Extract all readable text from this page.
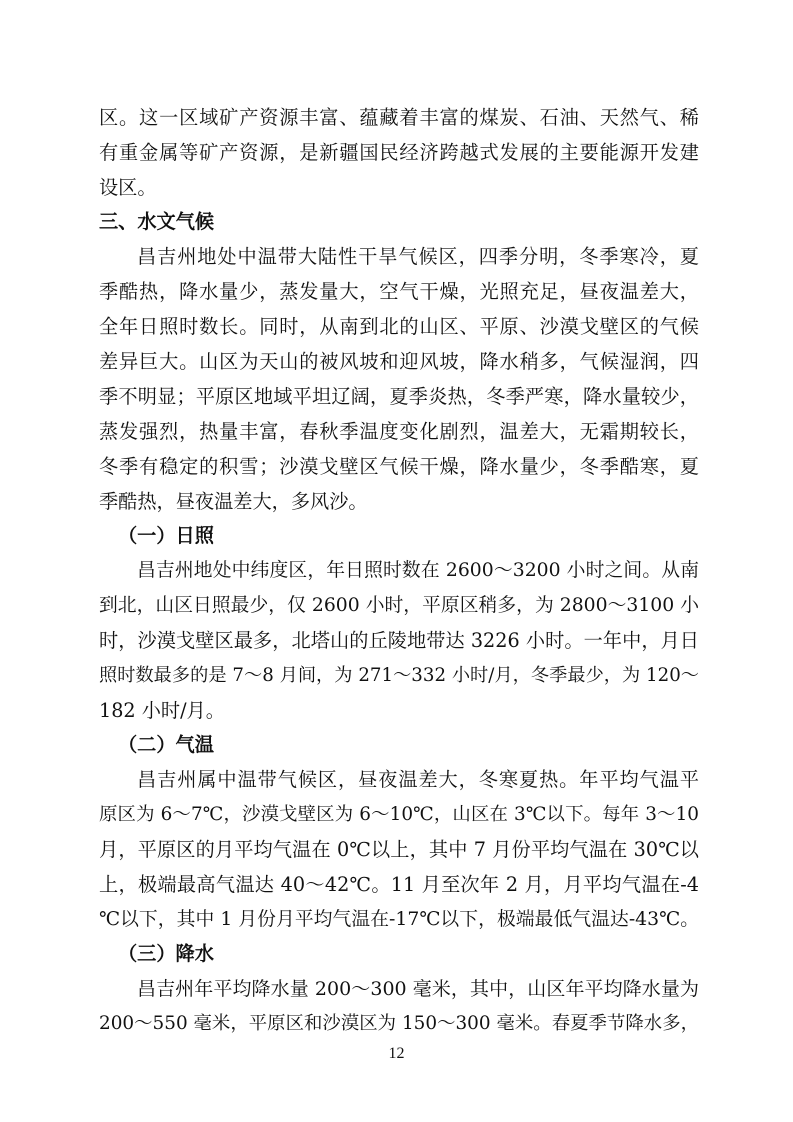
区。这一区域矿产资源丰富、蕴藏着丰富的煤炭、石油、天然气、稀
有重金属等矿产资源，是新疆国民经济跨越式发展的主要能源开发建
设区。
三、水文气候
昌吉州地处中温带大陆性干旱气候区，四季分明，冬季寒冷，夏
季酷热，降水量少，蒸发量大，空气干燥，光照充足，昼夜温差大，
全年日照时数长。同时，从南到北的山区、平原、沙漠戈壁区的气候
差异巨大。山区为天山的被风坡和迎风坡，降水稍多，气候湿润，四
季不明显；平原区地域平坦辽阔，夏季炎热，冬季严寒，降水量较少，
蒸发强烈，热量丰富，春秋季温度变化剧烈，温差大，无霜期较长，
冬季有稳定的积雪；沙漠戈壁区气候干燥，降水量少，冬季酷寒，夏
季酷热，昼夜温差大，多风沙。
（一）日照
昌吉州地处中纬度区，年日照时数在 2600～3200 小时之间。从南
到北，山区日照最少，仅 2600 小时，平原区稍多，为 2800～3100 小
时，沙漠戈壁区最多，北塔山的丘陵地带达 3226 小时。一年中，月日
照时数最多的是 7～8 月间，为 271～332 小时/月，冬季最少，为 120～
182 小时/月。
（二）气温
昌吉州属中温带气候区，昼夜温差大，冬寒夏热。年平均气温平
原区为 6～7℃，沙漠戈壁区为 6～10℃，山区在 3℃以下。每年 3～10
月，平原区的月平均气温在 0℃以上，其中 7 月份平均气温在 30℃以
上，极端最高气温达 40～42℃。11 月至次年 2 月，月平均气温在-4
℃以下，其中 1 月份月平均气温在-17℃以下，极端最低气温达-43℃。
（三）降水
昌吉州年平均降水量 200～300 毫米，其中，山区年平均降水量为
200～550 毫米，平原区和沙漠区为 150～300 毫米。春夏季节降水多，
12
